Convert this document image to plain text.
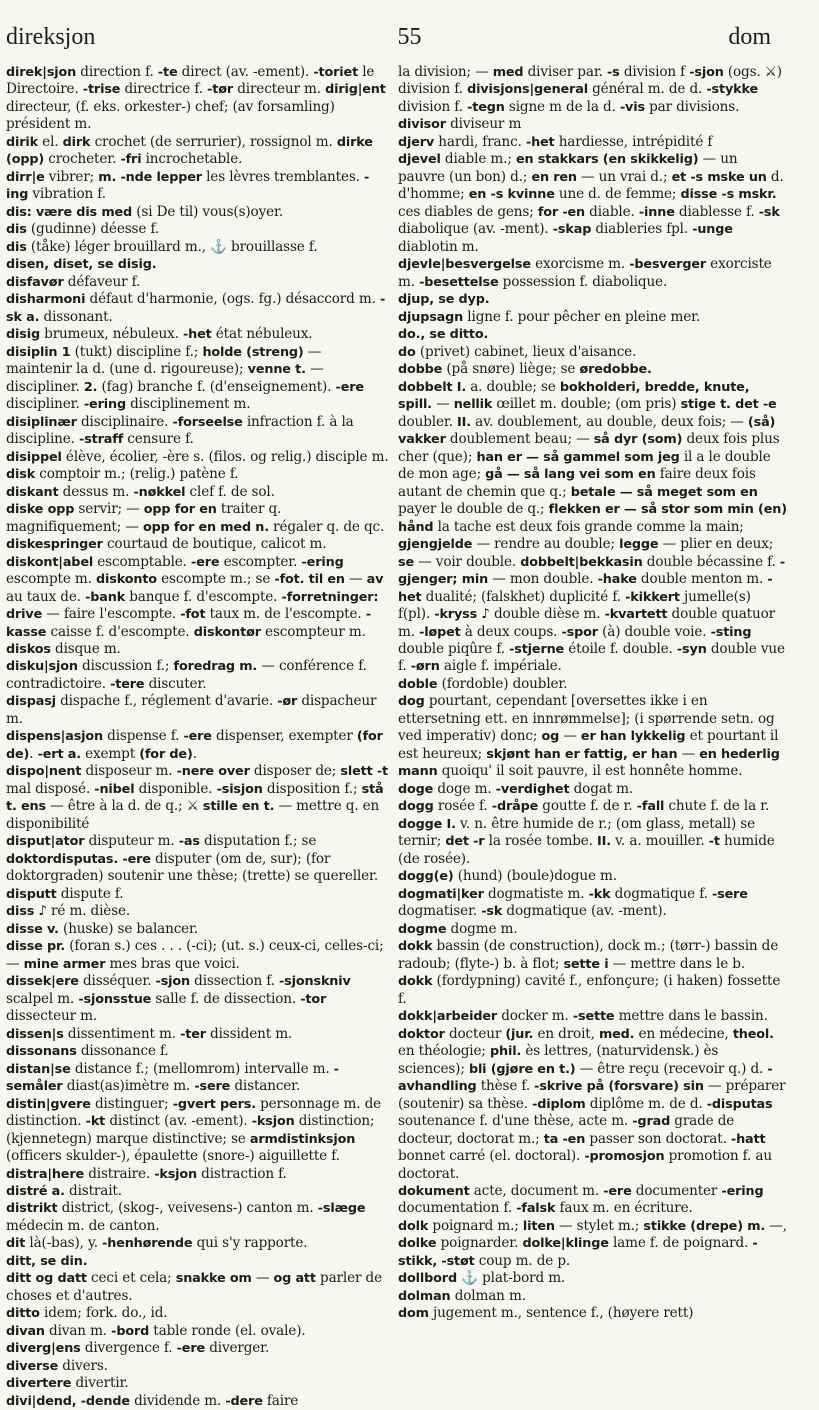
direksjon	55	dom

direk|sjon direction f. -te direct (av. -ement). -toriet le Directoire. -trise directrice f. -tør directeur m. dirig|ent directeur, (f. eks. orkester-) chef; (av forsamling) président m.

dirik el. dirk crochet (de serrurier), rossignol m. dirke (opp) crocheter. -fri incrochetable.

dirr|e vibrer; m. -nde lepper les lèvres tremblantes. -ing vibration f.

dis: være dis med (si De til) vous(s)oyer.

dis (gudinne) déesse f.

dis (tåke) léger brouillard m., ⚓ brouillasse f.

disen, diset, se disig.

disfavør défaveur f.

disharmoni défaut d'harmonie, (ogs. fg.) désaccord m. -sk a. dissonant.

disig brumeux, nébuleux. -het état nébuleux.

disiplin 1 (tukt) discipline f.; holde (streng) — maintenir la d. (une d. rigoureuse); venne t. — discipliner. 2. (fag) branche f. (d'enseignement). -ere discipliner. -ering disciplinement m.

disiplinær disciplinaire. -forseelse infraction f. à la discipline. -straff censure f.

disippel élève, écolier, -ère s. (filos. og relig.) disciple m.

disk comptoir m.; (relig.) patène f.

diskant dessus m. -nøkkel clef f. de sol.

diske opp servir; — opp for en traiter q. magnifiquement; — opp for en med n. régaler q. de qc.

diskespringer courtaud de boutique, calicot m.

diskont|abel escomptable. -ere escompter. -ering escompte m. diskonto escompte m.; se -fot. til en — av au taux de. -bank banque f. d'escompte. -forretninger: drive — faire l'escompte. -fot taux m. de l'escompte. -kasse caisse f. d'escompte. diskontør escompteur m.

diskos disque m.

disku|sjon discussion f.; foredrag m. — conférence f. contradictoire. -tere discuter.

dispasj dispache f., réglement d'avarie. -ør dispacheur m.

dispens|asjon dispense f. -ere dispenser, exempter (for de). -ert a. exempt (for de).

dispo|nent disposeur m. -nere over disposer de; slett -t mal disposé. -nibel disponible. -sisjon disposition f.; stå t. ens — être à la d. de q.; ⚔ stille en t. — mettre q. en disponibilité

disput|ator disputeur m. -as disputation f.; se doktordisputas. -ere disputer (om de, sur); (for doktorgraden) soutenir une thèse; (trette) se quereller.

disputt dispute f.

diss ♪ ré m. dièse.

disse v. (huske) se balancer.

disse pr. (foran s.) ces . . . (-ci); (ut. s.) ceux-ci, celles-ci; — mine armer mes bras que voici.

dissek|ere disséquer. -sjon dissection f. -sjonskniv scalpel m. -sjonsstue salle f. de dissection. -tor dissecteur m.

dissen|s dissentiment m. -ter dissident m.

dissonans dissonance f.

distan|se distance f.; (mellomrom) intervalle m. -semåler diast(as)imètre m. -sere distancer.

distin|gvere distinguer; -gvert pers. personnage m. de distinction. -kt distinct (av. -ement). -ksjon distinction; (kjennetegn) marque distinctive; se armdistinksjon (officers skulder-), épaulette (snore-) aiguillette f.

distra|here distraire. -ksjon distraction f.

distré a. distrait.

distrikt district, (skog-, veivesens-) canton m. -slæge médecin m. de canton.

dit là(-bas), y. -henhørende qui s'y rapporte.

ditt, se din.

ditt og datt ceci et cela; snakke om — og att parler de choses et d'autres.

ditto idem; fork. do., id.

divan divan m. -bord table ronde (el. ovale).

diverg|ens divergence f. -ere diverger.

diverse divers.

divertere divertir.

divi|dend, -dende dividende m. -dere faire

la division; — med diviser par. -s division f -sjon (ogs. ⚔) division f. divisjons|general général m. de d. -stykke division f. -tegn signe m de la d. -vis par divisions. divisor diviseur m

djerv hardi, franc. -het hardiesse, intrépidité f

djevel diable m.; en stakkars (en skikkelig) — un pauvre (un bon) d.; en ren — un vrai d.; et -s mske un d. d'homme; en -s kvinne une d. de femme; disse -s mskr. ces diables de gens; for -en diable. -inne diablesse f. -sk diabolique (av. -ment). -skap diableries fpl. -unge diablotin m.

djevle|besvergelse exorcisme m. -besverger exorciste m. -besettelse possession f. diabolique.

djup, se dyp.

djupsagn ligne f. pour pêcher en pleine mer.

do., se ditto.

do (privet) cabinet, lieux d'aisance.

dobbe (på snøre) liège; se øredobbe.

dobbelt I. a. double; se bokholderi, bredde, knute, spill. — nellik œillet m. double; (om pris) stige t. det -e doubler. II. av. doublement, au double, deux fois; — (så) vakker doublement beau; — så dyr (som) deux fois plus cher (que); han er — så gammel som jeg il a le double de mon age; gå — så lang vei som en faire deux fois autant de chemin que q.; betale — så meget som en payer le double de q.; flekken er — så stor som min (en) hånd la tache est deux fois grande comme la main; gjengjelde — rendre au double; legge — plier en deux; se — voir double. dobbelt|bekkasin double bécassine f. -gjenger; min — mon double. -hake double menton m. -het dualité; (falskhet) duplicité f. -kikkert jumelle(s) f(pl). -kryss ♪ double dièse m. -kvartett double quatuor m. -løpet à deux coups. -spor (à) double voie. -sting double piqûre f. -stjerne étoile f. double. -syn double vue f. -ørn aigle f. impériale.

doble (fordoble) doubler.

dog pourtant, cependant [oversettes ikke i en ettersetning ett. en innrømmelse]; (i spørrende setn. og ved imperativ) donc; og — er han lykkelig et pourtant il est heureux; skjønt han er fattig, er han — en hederlig mann quoiqu' il soit pauvre, il est honnête homme.

doge doge m. -verdighet dogat m.

dogg rosée f. -dråpe goutte f. de r. -fall chute f. de la r. dogge I. v. n. être humide de r.; (om glass, metall) se ternir; det -r la rosée tombe. II. v. a. mouiller. -t humide (de rosée).

dogg(e) (hund) (boule)dogue m.

dogmati|ker dogmatiste m. -kk dogmatique f. -sere dogmatiser. -sk dogmatique (av. -ment).

dogme dogme m.

dokk bassin (de construction), dock m.; (tørr-) bassin de radoub; (flyte-) b. à flot; sette i — mettre dans le b.

dokk (fordypning) cavité f., enfonçure; (i haken) fossette f.

dokk|arbeider docker m. -sette mettre dans le bassin.

doktor docteur (jur. en droit, med. en médecine, theol. en théologie; phil. ès lettres, (naturvidensk.) ès sciences); bli (gjøre en t.) — être reçu (recevoir q.) d. -avhandling thèse f. -skrive på (forsvare) sin — préparer (soutenir) sa thèse. -diplom diplôme m. de d. -disputas soutenance f. d'une thèse, acte m. -grad grade de docteur, doctorat m.; ta -en passer son doctorat. -hatt bonnet carré (el. doctoral). -promosjon promotion f. au doctorat.

dokument acte, document m. -ere documenter -ering documentation f. -falsk faux m. en écriture.

dolk poignard m.; liten — stylet m.; stikke (drepe) m. —, dolke poignarder. dolke|klinge lame f. de poignard. -stikk, -støt coup m. de p.

dollbord ⚓ plat-bord m.

dolman dolman m.

dom jugement m., sentence f., (høyere rett)
